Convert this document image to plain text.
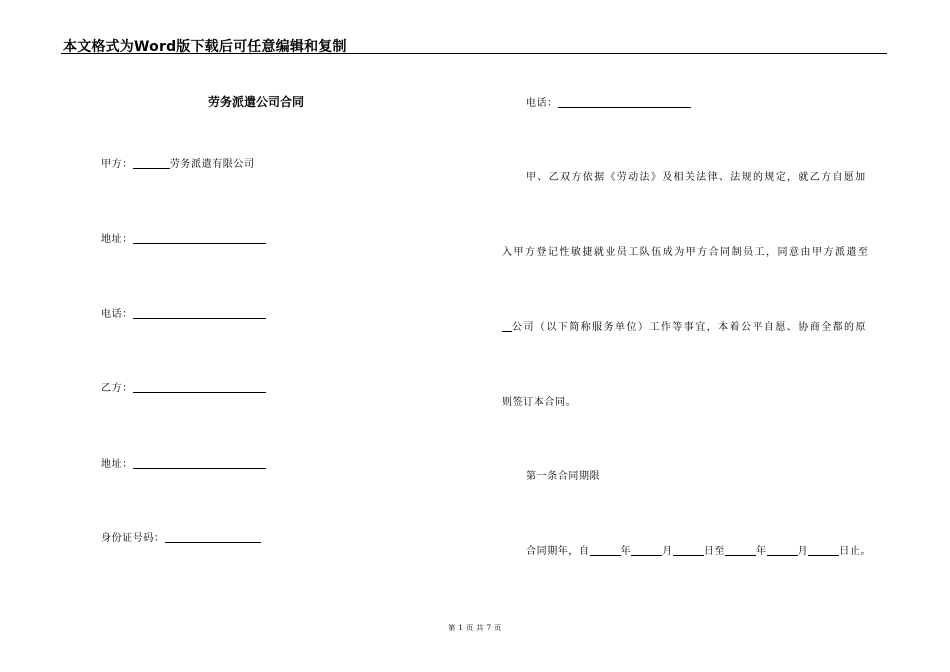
本文格式为Word版下载后可任意编辑和复制
劳务派遣公司合同
甲方：	劳务派遣有限公司
地址：
电话：
乙方：
地址：
身份证号码：
电话：
甲、乙双方依据《劳动法》及相关法律、法规的规定，就乙方自愿加
入甲方登记性敏捷就业员工队伍成为甲方合同制员工，同意由甲方派遣至
公司（以下简称服务单位）工作等事宜，本着公平自愿、协商全都的原
则签订本合同。
第一条合同期限
合同期年，自	年	月	日至	年	月	日止。
第 1 页 共 7 页
